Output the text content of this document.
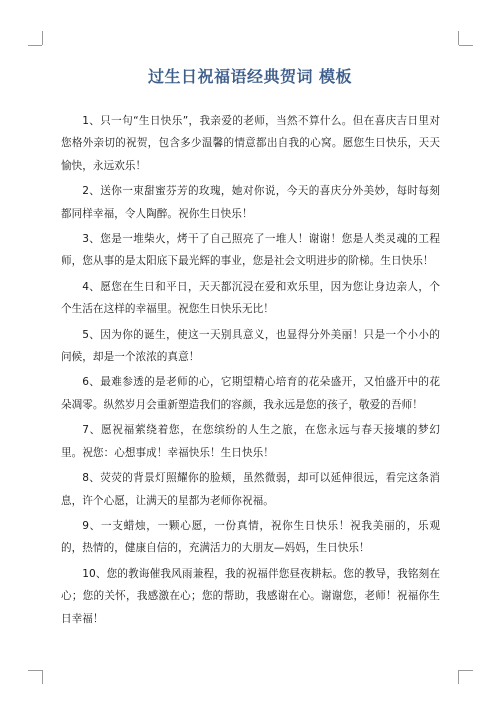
过生日祝福语经典贺词 模板

1、只一句“生日快乐”，我亲爱的老师，当然不算什么。但在喜庆吉日里对您格外亲切的祝贺，包含多少温馨的情意都出自我的心窝。愿您生日快乐，天天愉快，永远欢乐！

2、送你一束甜蜜芬芳的玫瑰，她对你说，今天的喜庆分外美妙，每时每刻都同样幸福，令人陶醉。祝你生日快乐！

3、您是一堆柴火，烤干了自己照亮了一堆人！谢谢！您是人类灵魂的工程师，您从事的是太阳底下最光辉的事业，您是社会文明进步的阶梯。生日快乐！

4、愿您在生日和平日，天天都沉浸在爱和欢乐里，因为您让身边亲人，个个生活在这样的幸福里。祝您生日快乐无比！

5、因为你的诞生，使这一天别具意义，也显得分外美丽！只是一个小小的问候，却是一个浓浓的真意！

6、最难参透的是老师的心，它期望精心培育的花朵盛开，又怕盛开中的花朵凋零。纵然岁月会重新塑造我们的容颜，我永远是您的孩子，敬爱的吾师！

7、愿祝福萦绕着您，在您缤纷的人生之旅，在您永远与春天接壤的梦幻里。祝您：心想事成！幸福快乐！生日快乐！

8、荧荧的背景灯照耀你的脸颊，虽然微弱，却可以延伸很远，看完这条消息，许个心愿，让满天的星都为老师你祝福。

9、一支蜡烛，一颗心愿，一份真情，祝你生日快乐！祝我美丽的，乐观的，热情的，健康自信的，充满活力的大朋友—妈妈，生日快乐！

10、您的教诲催我风雨兼程，我的祝福伴您昼夜耕耘。您的教导，我铭刻在心；您的关怀，我感激在心；您的帮助，我感谢在心。谢谢您，老师！祝福你生日幸福！
